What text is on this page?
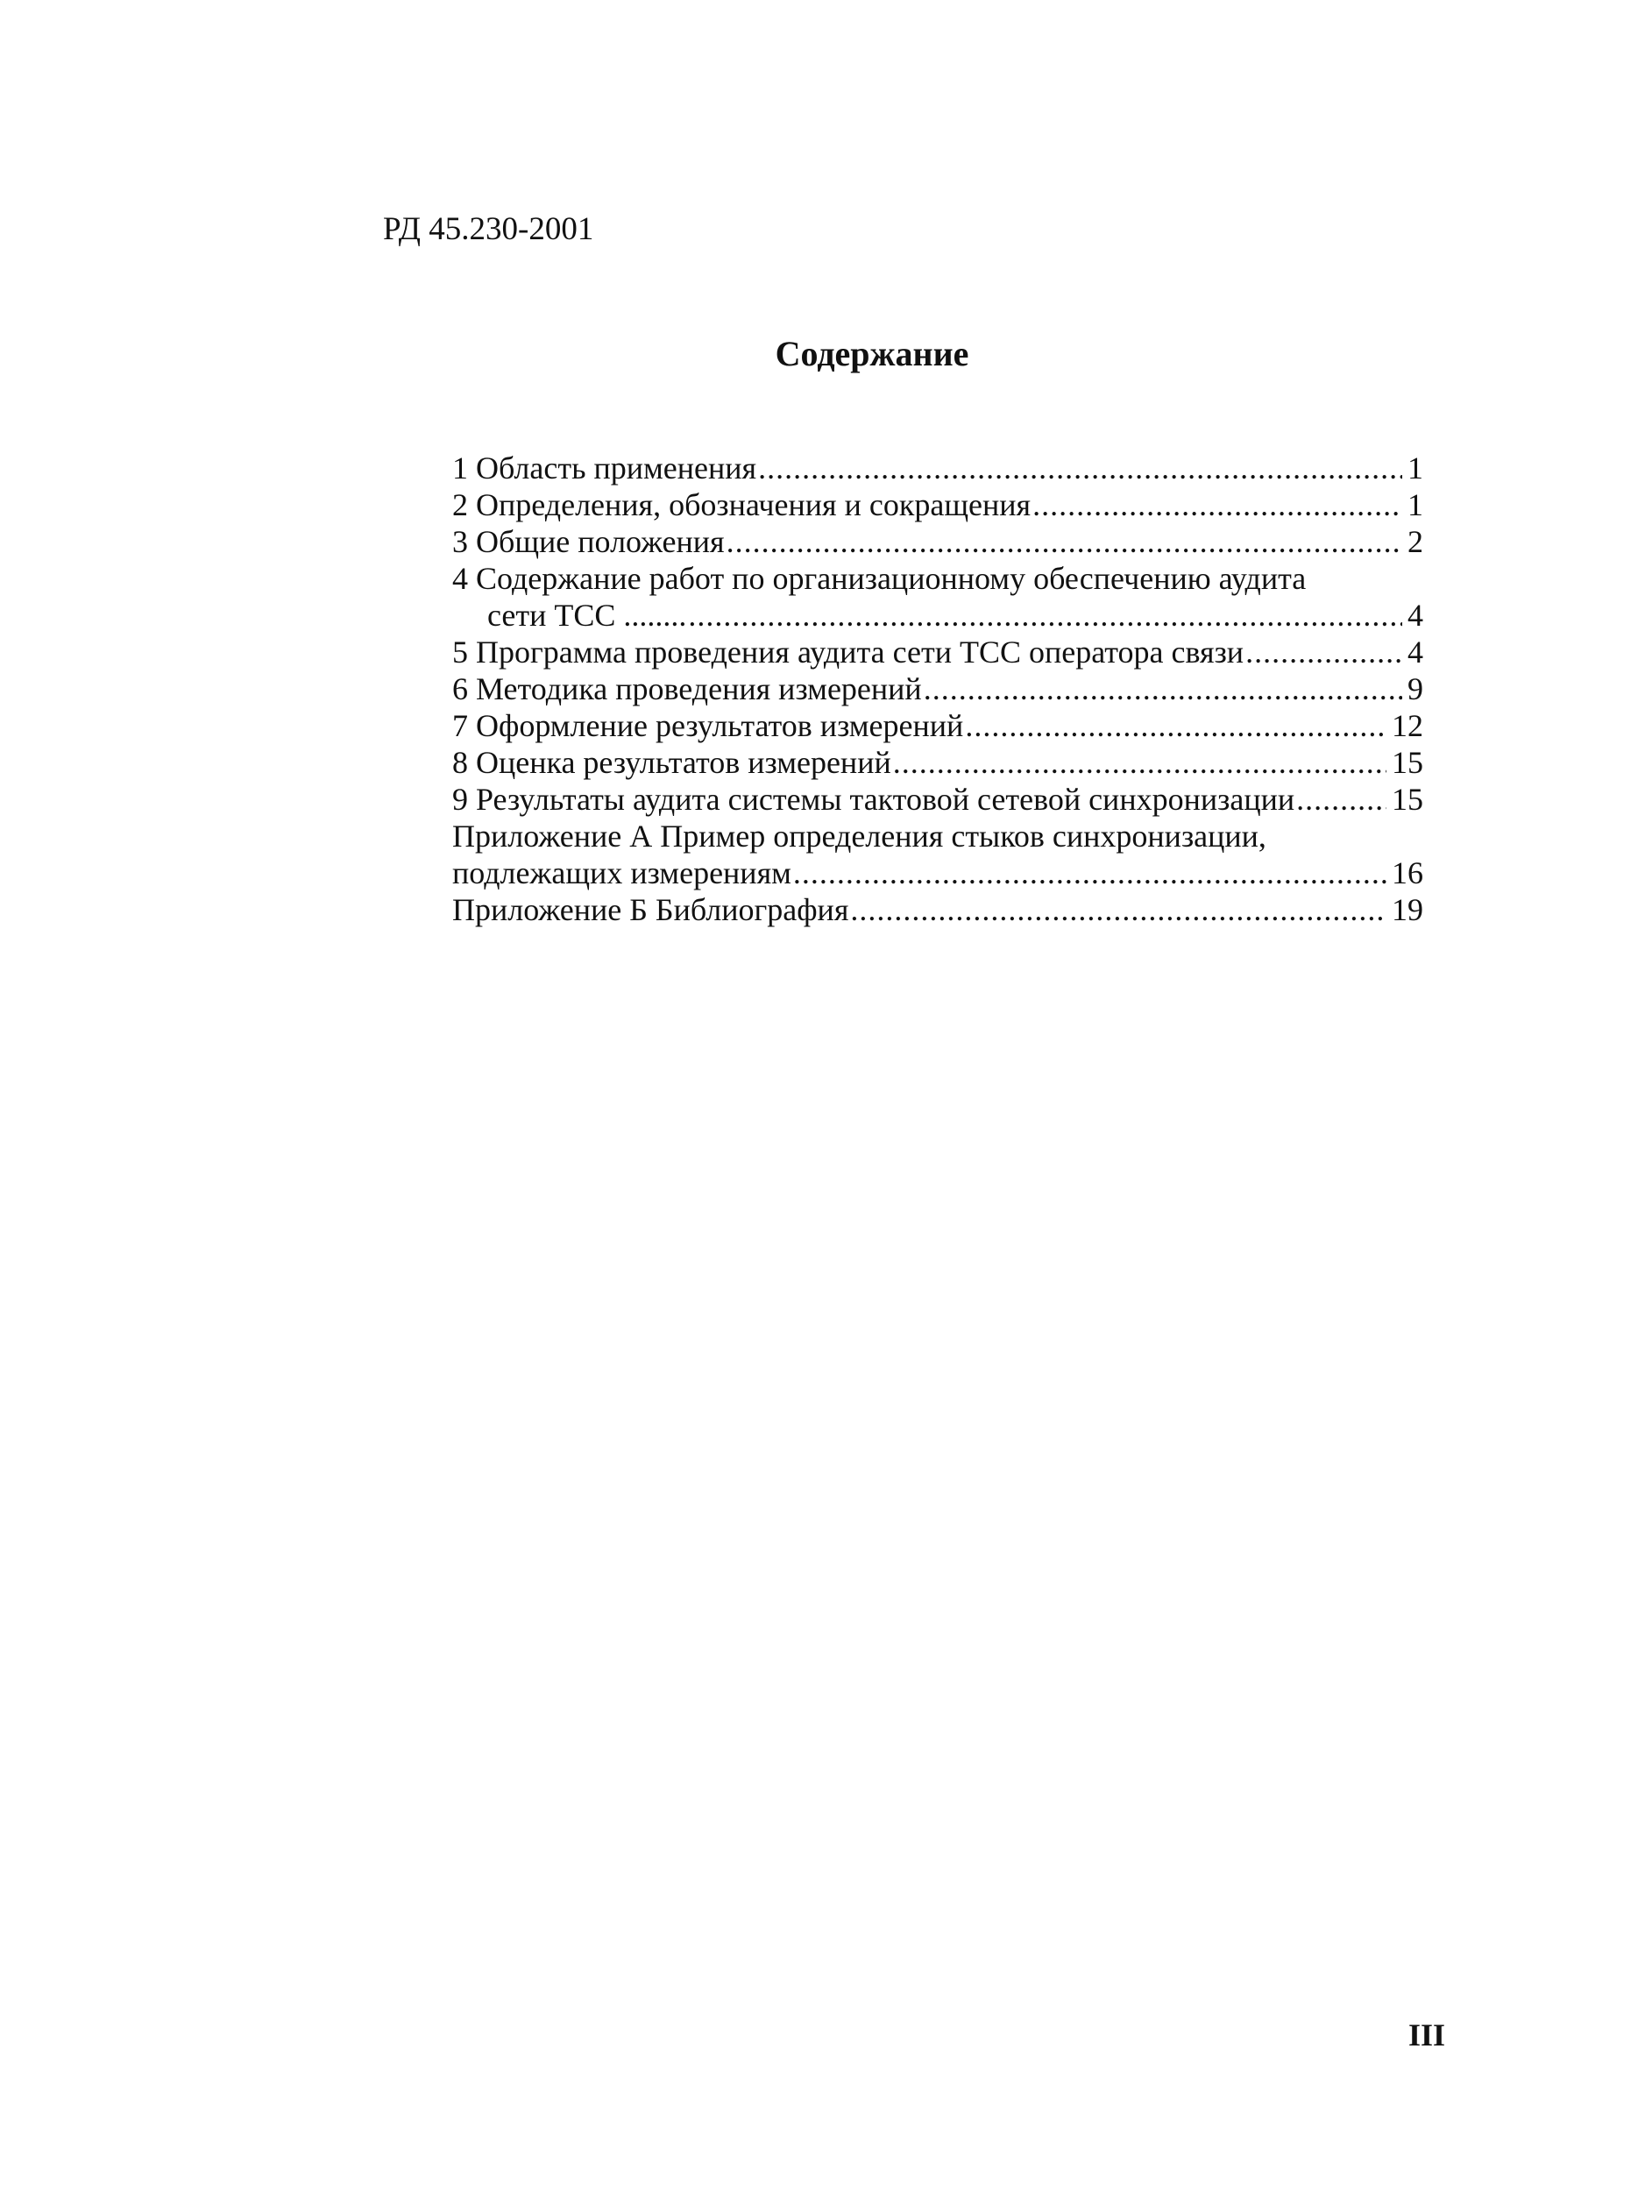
РД 45.230-2001
Содержание
1 Область применения .....	1
2 Определения, обозначения и сокращения .....	1
3 Общие положения .....	2
4 Содержание работ по организационному обеспечению аудита
сети ТСС ........ .....	4
5 Программа проведения аудита сети ТСС оператора связи .....	4
6 Методика проведения измерений .....	9
7 Оформление результатов измерений .....	12
8 Оценка результатов измерений .....	15
9 Результаты аудита системы тактовой сетевой синхронизации .....	15
Приложение А Пример определения стыков синхронизации,
подлежащих измерениям .....	16
Приложение Б Библиография .....	19
III
